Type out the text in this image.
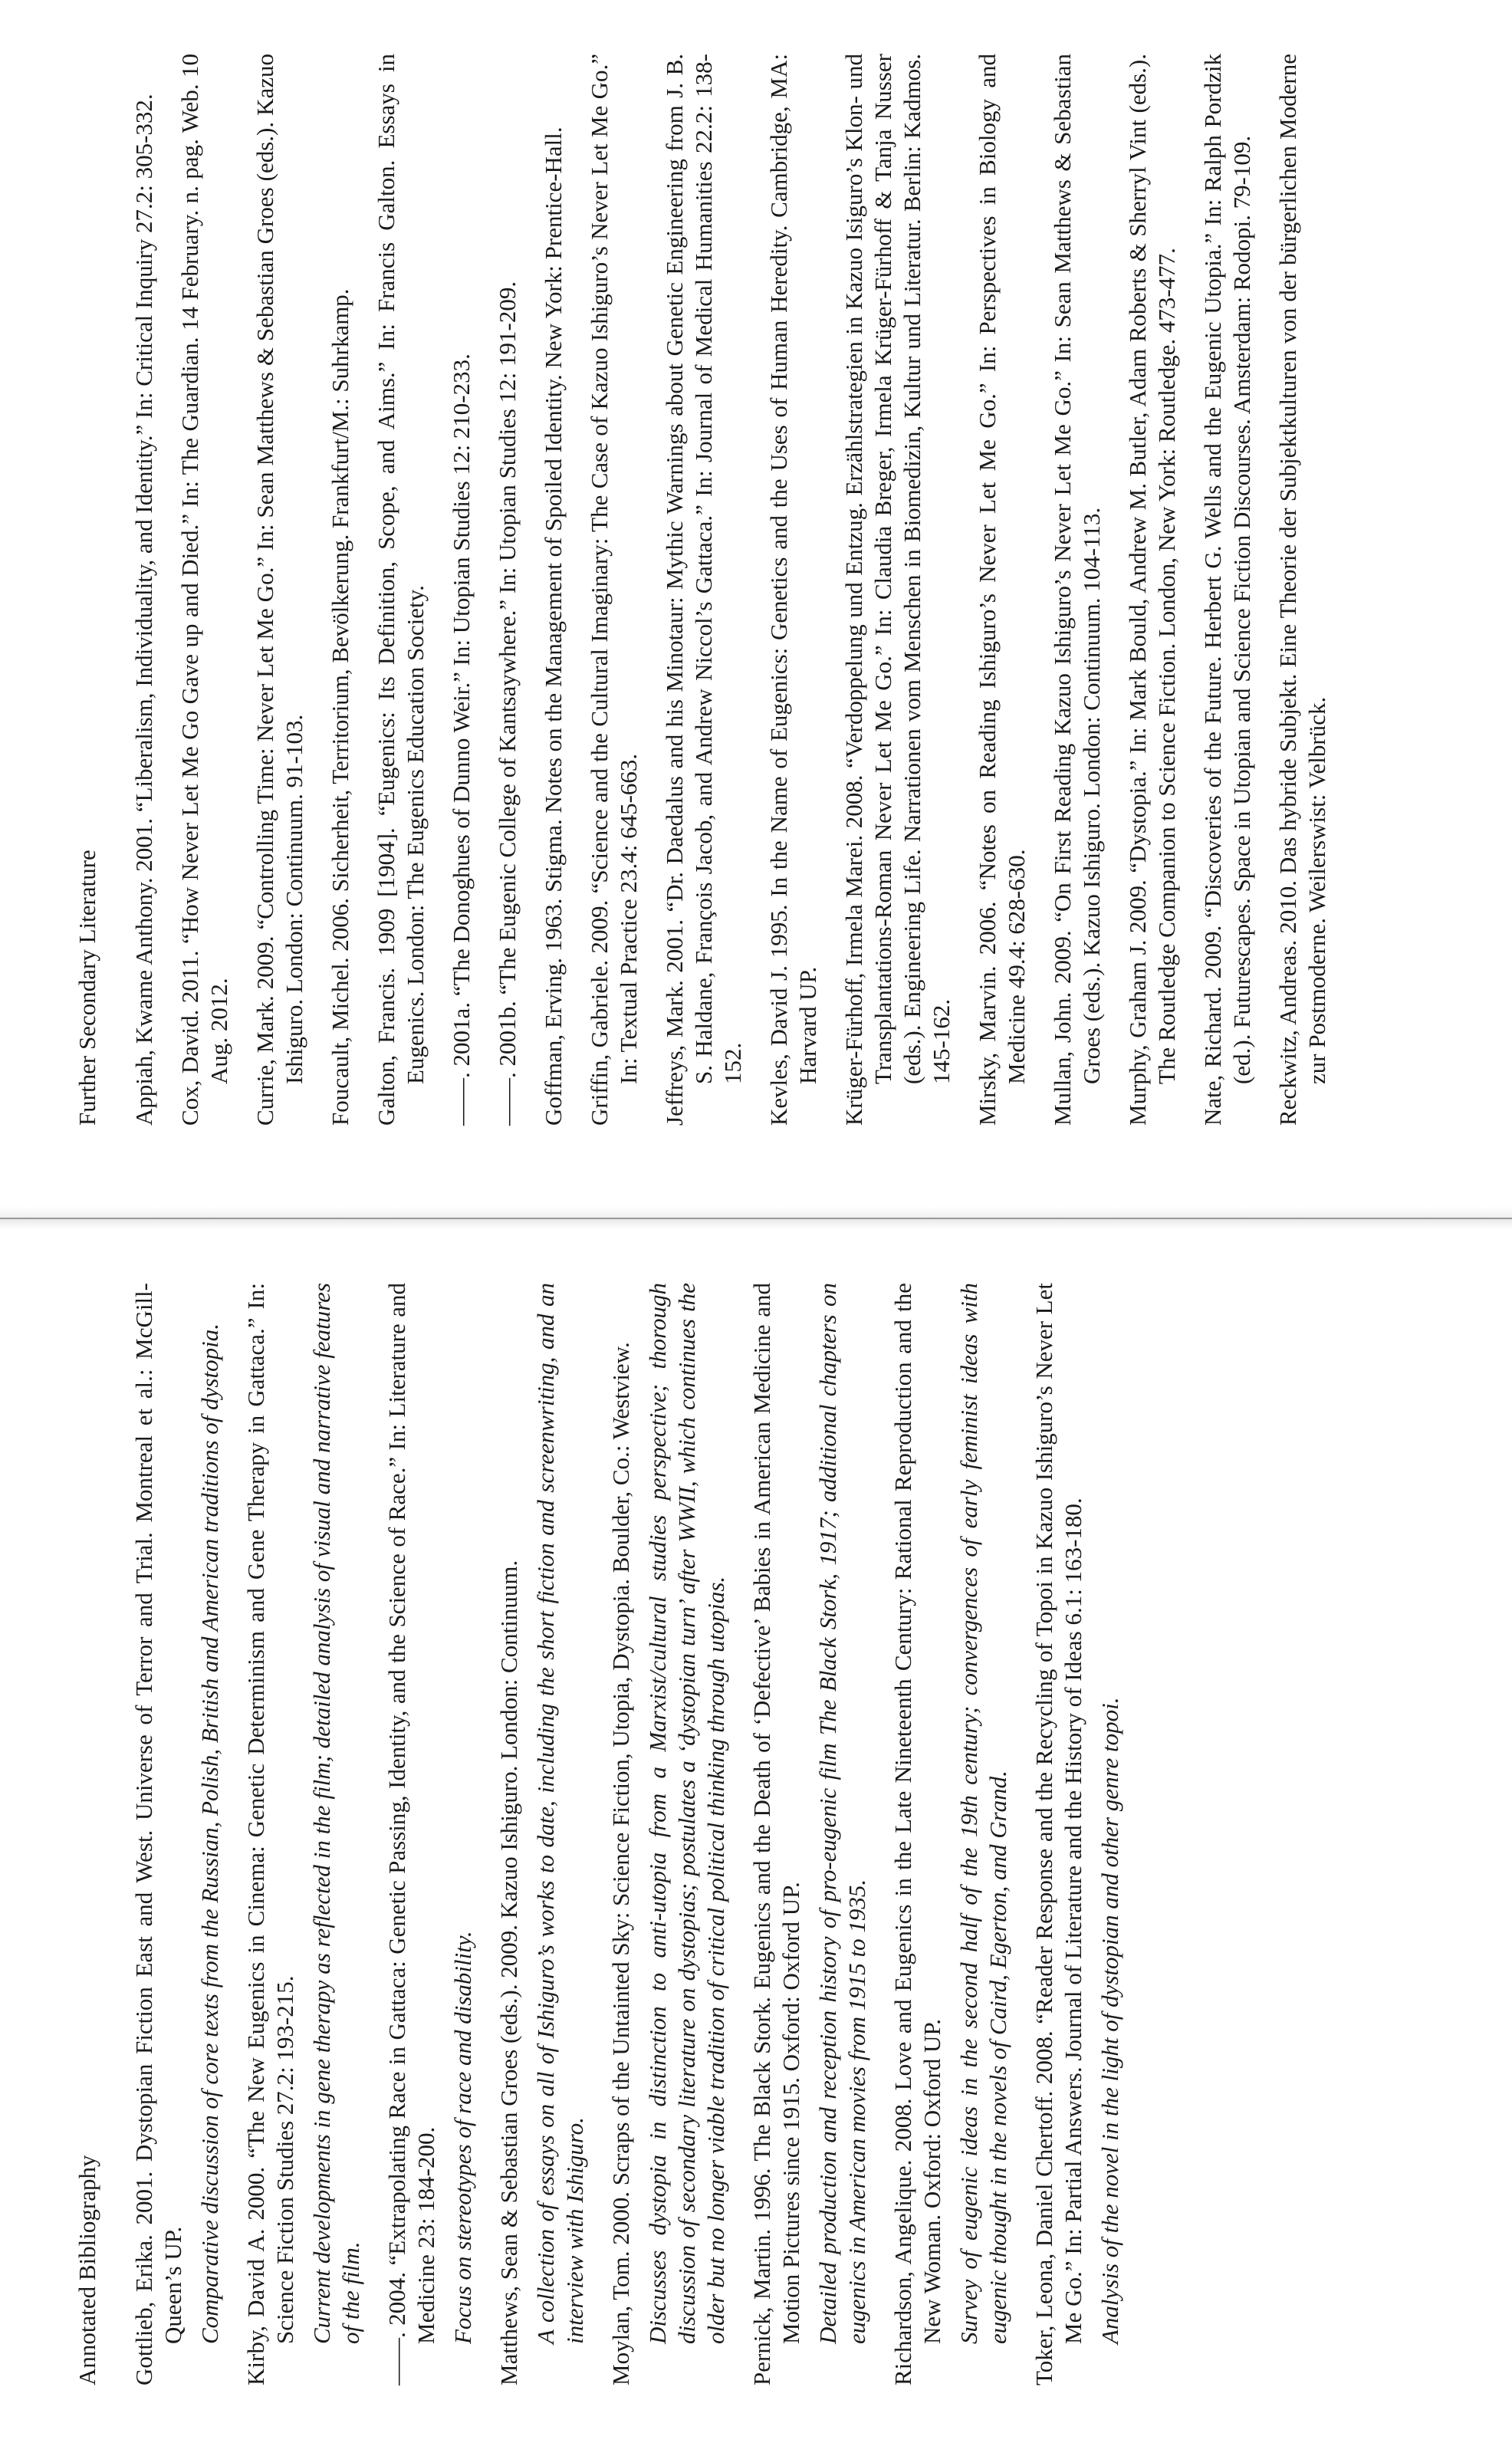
Annotated Bibliography Gottlieb, Erika. 2001. Dystopian Fiction East and West. Universe of Terror and Trial. Montreal et al.: McGill-Queen’s UP. Comparative discussion of core texts from the Russian, Polish, British and American traditions of dystopia. Kirby, David A. 2000. “The New Eugenics in Cinema: Genetic Determinism and Gene Therapy in Gattaca.” In: Science Fiction Studies 27.2: 193-215. Current developments in gene therapy as reflected in the film; detailed analysis of visual and narrative features of the film. ——. 2004. “Extrapolating Race in Gattaca: Genetic Passing, Identity, and the Science of Race.” In: Literature and Medicine 23: 184-200. Focus on stereotypes of race and disability. Matthews, Sean & Sebastian Groes (eds.). 2009. Kazuo Ishiguro. London: Continuum. A collection of essays on all of Ishiguro’s works to date, including the short fiction and screenwriting, and an interview with Ishiguro. Moylan, Tom. 2000. Scraps of the Untainted Sky: Science Fiction, Utopia, Dystopia. Boulder, Co.: Westview. Discusses dystopia in distinction to anti-utopia from a Marxist/cultural studies perspective; thorough discussion of secondary literature on dystopias; postulates a ‘dystopian turn’ after WWII, which continues the older but no longer viable tradition of critical political thinking through utopias. Pernick, Martin. 1996. The Black Stork. Eugenics and the Death of ‘Defective’ Babies in American Medicine and Motion Pictures since 1915. Oxford: Oxford UP. Detailed production and reception history of pro-eugenic film The Black Stork, 1917; additional chapters on eugenics in American movies from 1915 to 1935. Richardson, Angelique. 2008. Love and Eugenics in the Late Nineteenth Century: Rational Reproduction and the New Woman. Oxford: Oxford UP. Survey of eugenic ideas in the second half of the 19th century; convergences of early feminist ideas with eugenic thought in the novels of Caird, Egerton, and Grand. Toker, Leona, Daniel Chertoff. 2008. “Reader Response and the Recycling of Topoi in Kazuo Ishiguro’s Never Let Me Go.” In: Partial Answers. Journal of Literature and the History of Ideas 6.1: 163-180. Analysis of the novel in the light of dystopian and other genre topoi.
Further Secondary Literature Appiah, Kwame Anthony. 2001. “Liberalism, Individuality, and Identity.” In: Critical Inquiry 27.2: 305-332. Cox, David. 2011. “How Never Let Me Go Gave up and Died.” In: The Guardian. 14 February. n. pag. Web. 10 Aug. 2012. Currie, Mark. 2009. “Controlling Time: Never Let Me Go.” In: Sean Matthews & Sebastian Groes (eds.). Kazuo Ishiguro. London: Continuum. 91-103. Foucault, Michel. 2006. Sicherheit, Territorium, Bevölkerung. Frankfurt/M.: Suhrkamp. Galton, Francis. 1909 [1904]. “Eugenics: Its Definition, Scope, and Aims.” In: Francis Galton. Essays in Eugenics. London: The Eugenics Education Society. ——. 2001a. “The Donoghues of Dunno Weir.” In: Utopian Studies 12: 210-233. ——. 2001b. “The Eugenic College of Kantsaywhere.” In: Utopian Studies 12: 191-209. Goffman, Erving. 1963. Stigma. Notes on the Management of Spoiled Identity. New York: Prentice-Hall. Griffin, Gabriele. 2009. “Science and the Cultural Imaginary: The Case of Kazuo Ishiguro’s Never Let Me Go.” In: Textual Practice 23.4: 645-663. Jeffreys, Mark. 2001. “Dr. Daedalus and his Minotaur: Mythic Warnings about Genetic Engineering from J. B. S. Haldane, François Jacob, and Andrew Niccol’s Gattaca.” In: Journal of Medical Humanities 22.2: 138-152. Kevles, David J. 1995. In the Name of Eugenics: Genetics and the Uses of Human Heredity. Cambridge, MA: Harvard UP. Krüger-Fürhoff, Irmela Marei. 2008. “Verdoppelung und Entzug. Erzählstrategien in Kazuo Isiguro’s Klon- und Transplantations-Roman Never Let Me Go.” In: Claudia Breger, Irmela Krüger-Fürhoff & Tanja Nusser (eds.). Engineering Life. Narrationen vom Menschen in Biomedizin, Kultur und Literatur. Berlin: Kadmos. 145-162. Mirsky, Marvin. 2006. “Notes on Reading Ishiguro’s Never Let Me Go.” In: Perspectives in Biology and Medicine 49.4: 628-630. Mullan, John. 2009. “On First Reading Kazuo Ishiguro’s Never Let Me Go.” In: Sean Matthews & Sebastian Groes (eds.). Kazuo Ishiguro. London: Continuum. 104-113. Murphy, Graham J. 2009. “Dystopia.” In: Mark Bould, Andrew M. Butler, Adam Roberts & Sherryl Vint (eds.). The Routledge Companion to Science Fiction. London, New York: Routledge. 473-477. Nate, Richard. 2009. “Discoveries of the Future. Herbert G. Wells and the Eugenic Utopia.” In: Ralph Pordzik (ed.). Futurescapes. Space in Utopian and Science Fiction Discourses. Amsterdam: Rodopi. 79-109. Reckwitz, Andreas. 2010. Das hybride Subjekt. Eine Theorie der Subjektkulturen von der bürgerlichen Moderne zur Postmoderne. Weilerswist: Velbrück.
